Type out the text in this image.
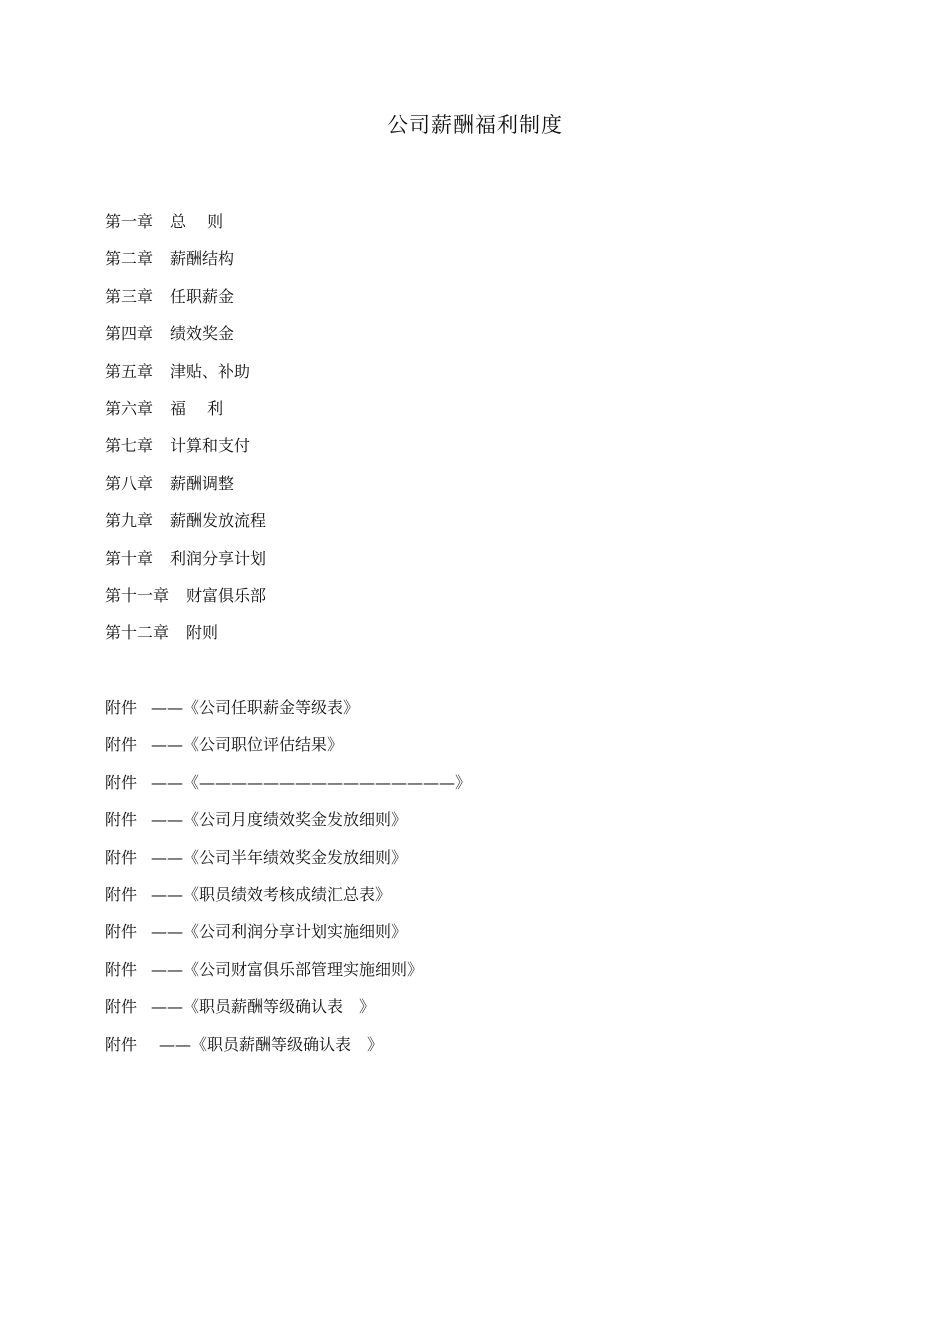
公司薪酬福利制度
第一章 总　 则
第二章 薪酬结构
第三章 任职薪金
第四章 绩效奖金
第五章 津贴、补助
第六章 福　 利
第七章 计算和支付
第八章 薪酬调整
第九章 薪酬发放流程
第十章 利润分享计划
第十一章 财富俱乐部
第十二章 附则
附件 ——《公司任职薪金等级表》
附件 ——《公司职位评估结果》
附件 ——《————————————————》
附件 ——《公司月度绩效奖金发放细则》
附件 ——《公司半年绩效奖金发放细则》
附件 ——《职员绩效考核成绩汇总表》
附件 ——《公司利润分享计划实施细则》
附件 ——《公司财富俱乐部管理实施细则》
附件 ——《职员薪酬等级确认表　》
附件 ——《职员薪酬等级确认表　》
